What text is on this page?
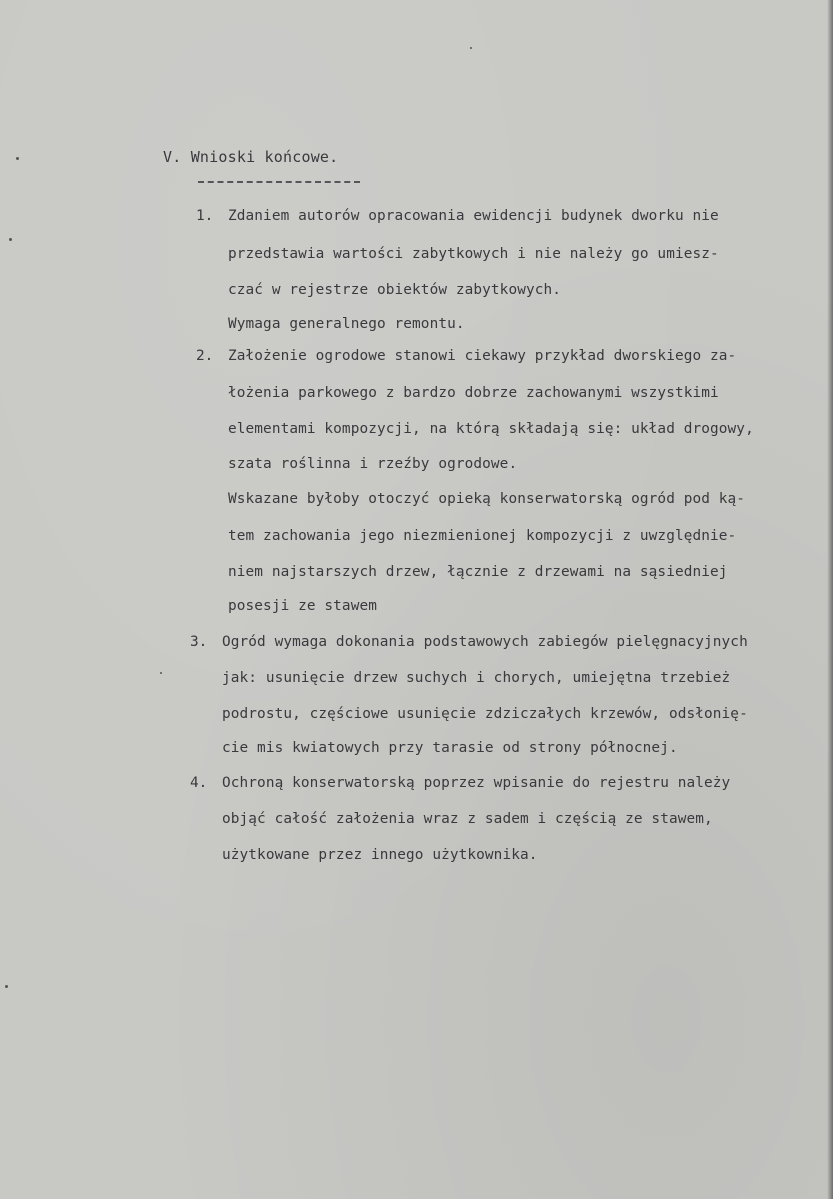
V. Wnioski końcowe.
1. Zdaniem autorów opracowania ewidencji budynek dworku nie
przedstawia wartości zabytkowych i nie należy go umiesz-
czać w rejestrze obiektów zabytkowych.
Wymaga generalnego remontu.
2. Założenie ogrodowe stanowi ciekawy przykład dworskiego za-
łożenia parkowego z bardzo dobrze zachowanymi wszystkimi
elementami kompozycji, na którą składają się: układ drogowy,
szata roślinna i rzeźby ogrodowe.
Wskazane byłoby otoczyć opieką konserwatorską ogród pod ką-
tem zachowania jego niezmienionej kompozycji z uwzględnie-
niem najstarszych drzew, łącznie z drzewami na sąsiedniej
posesji ze stawem
3. Ogród wymaga dokonania podstawowych zabiegów pielęgnacyjnych
jak: usunięcie drzew suchych i chorych, umiejętna trzebież
podrostu, częściowe usunięcie zdziczałych krzewów, odsłonię-
cie mis kwiatowych przy tarasie od strony północnej.
4. Ochroną konserwatorską poprzez wpisanie do rejestru należy
objąć całość założenia wraz z sadem i częścią ze stawem,
użytkowane przez innego użytkownika.
